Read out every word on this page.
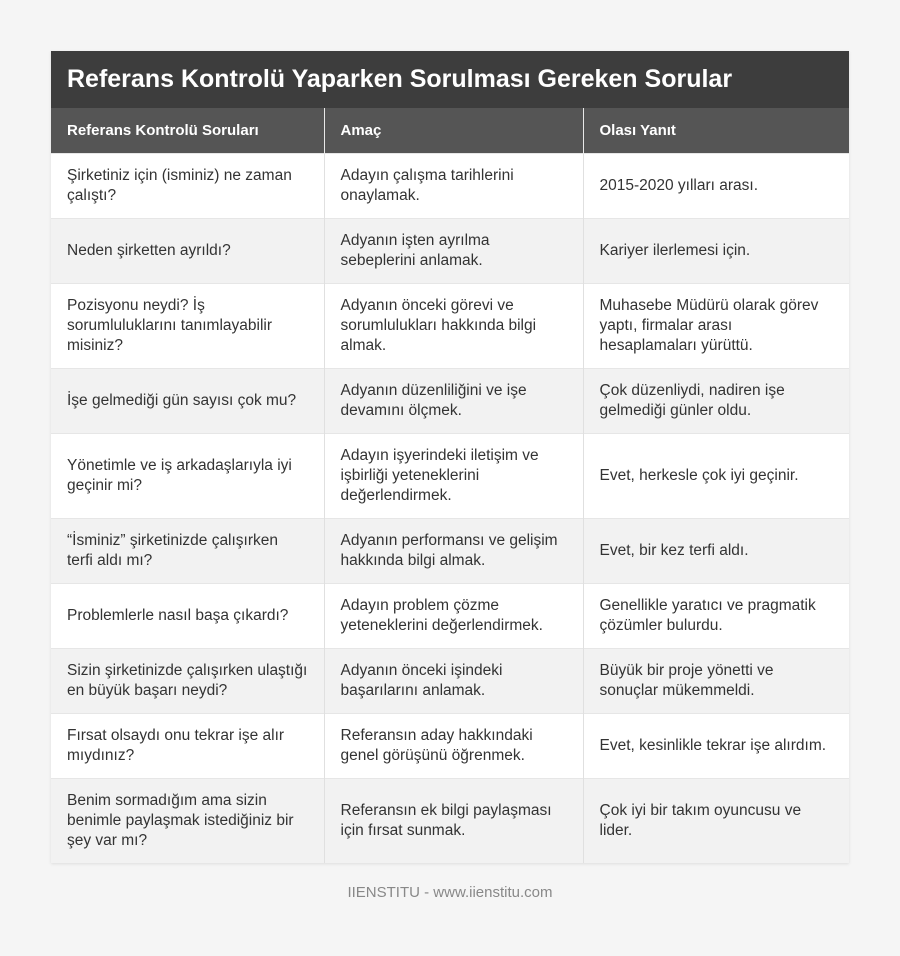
Referans Kontrolü Yaparken Sorulması Gereken Sorular
Referans Kontrolü Soruları	Amaç	Olası Yanıt
Şirketiniz için (isminiz) ne zaman çalıştı?	Adayın çalışma tarihlerini onaylamak.	2015-2020 yılları arası.
Neden şirketten ayrıldı?	Adyanın işten ayrılma sebeplerini anlamak.	Kariyer ilerlemesi için.
Pozisyonu neydi? İş sorumluluklarını tanımlayabilir misiniz?	Adyanın önceki görevi ve sorumlulukları hakkında bilgi almak.	Muhasebe Müdürü olarak görev yaptı, firmalar arası hesaplamaları yürüttü.
İşe gelmediği gün sayısı çok mu?	Adyanın düzenliliğini ve işe devamını ölçmek.	Çok düzenliydi, nadiren işe gelmediği günler oldu.
Yönetimle ve iş arkadaşlarıyla iyi geçinir mi?	Adayın işyerindeki iletişim ve işbirliği yeteneklerini değerlendirmek.	Evet, herkesle çok iyi geçinir.
“İsminiz” şirketinizde çalışırken terfi aldı mı?	Adyanın performansı ve gelişim hakkında bilgi almak.	Evet, bir kez terfi aldı.
Problemlerle nasıl başa çıkardı?	Adayın problem çözme yeteneklerini değerlendirmek.	Genellikle yaratıcı ve pragmatik çözümler bulurdu.
Sizin şirketinizde çalışırken ulaştığı en büyük başarı neydi?	Adyanın önceki işindeki başarılarını anlamak.	Büyük bir proje yönetti ve sonuçlar mükemmeldi.
Fırsat olsaydı onu tekrar işe alır mıydınız?	Referansın aday hakkındaki genel görüşünü öğrenmek.	Evet, kesinlikle tekrar işe alırdım.
Benim sormadığım ama sizin benimle paylaşmak istediğiniz bir şey var mı?	Referansın ek bilgi paylaşması için fırsat sunmak.	Çok iyi bir takım oyuncusu ve lider.
IIENSTITU - www.iienstitu.com
